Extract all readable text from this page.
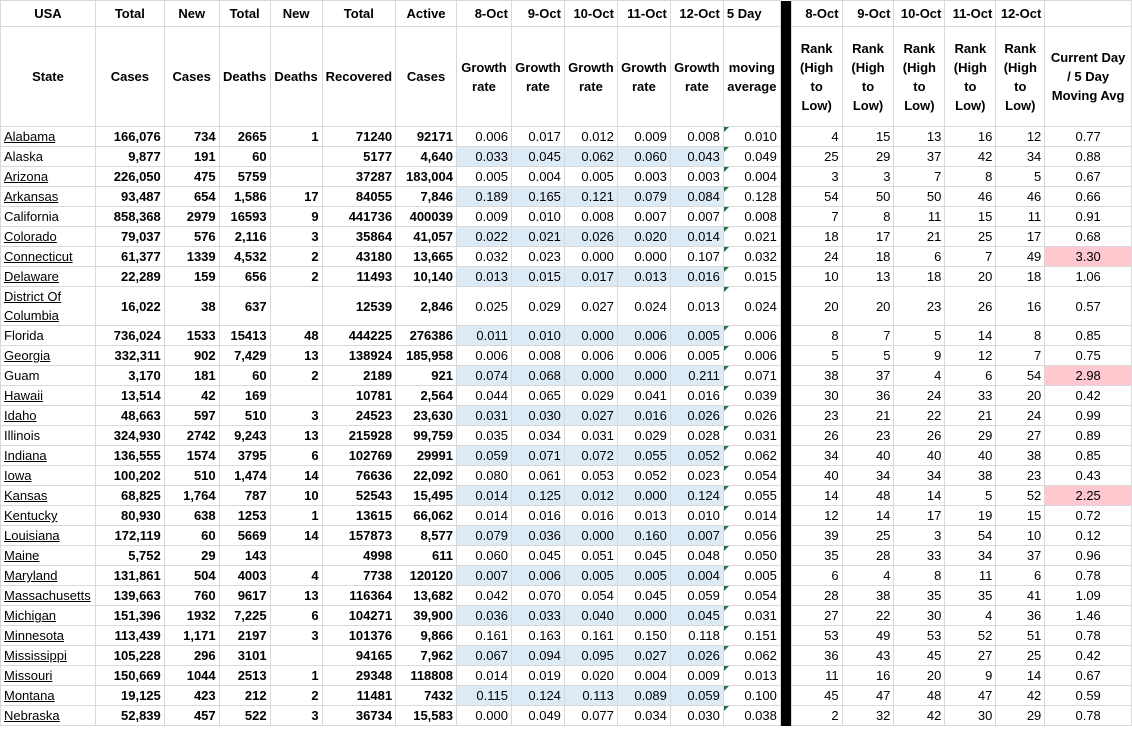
USA	Total	New	Total	New	Total	Active	8-Oct	9-Oct	10-Oct	11-Oct	12-Oct	5 Day		8-Oct	9-Oct	10-Oct	11-Oct	12-Oct	
State	Cases	Cases	Deaths	Deaths	Recovered	Cases	Growth rate	Growth rate	Growth rate	Growth rate	Growth rate	moving average		Rank (High to Low)	Rank (High to Low)	Rank (High to Low)	Rank (High to Low)	Rank (High to Low)	Current Day / 5 Day Moving Avg
Alabama	166,076	734	2665	1	71240	92171	0.006	0.017	0.012	0.009	0.008	0.010		4	15	13	16	12	0.77
Alaska	9,877	191	60		5177	4,640	0.033	0.045	0.062	0.060	0.043	0.049		25	29	37	42	34	0.88
Arizona	226,050	475	5759		37287	183,004	0.005	0.004	0.005	0.003	0.003	0.004		3	3	7	8	5	0.67
Arkansas	93,487	654	1,586	17	84055	7,846	0.189	0.165	0.121	0.079	0.084	0.128		54	50	50	46	46	0.66
California	858,368	2979	16593	9	441736	400039	0.009	0.010	0.008	0.007	0.007	0.008		7	8	11	15	11	0.91
Colorado	79,037	576	2,116	3	35864	41,057	0.022	0.021	0.026	0.020	0.014	0.021		18	17	21	25	17	0.68
Connecticut	61,377	1339	4,532	2	43180	13,665	0.032	0.023	0.000	0.000	0.107	0.032		24	18	6	7	49	3.30
Delaware	22,289	159	656	2	11493	10,140	0.013	0.015	0.017	0.013	0.016	0.015		10	13	18	20	18	1.06
District Of Columbia	16,022	38	637		12539	2,846	0.025	0.029	0.027	0.024	0.013	0.024		20	20	23	26	16	0.57
Florida	736,024	1533	15413	48	444225	276386	0.011	0.010	0.000	0.006	0.005	0.006		8	7	5	14	8	0.85
Georgia	332,311	902	7,429	13	138924	185,958	0.006	0.008	0.006	0.006	0.005	0.006		5	5	9	12	7	0.75
Guam	3,170	181	60	2	2189	921	0.074	0.068	0.000	0.000	0.211	0.071		38	37	4	6	54	2.98
Hawaii	13,514	42	169		10781	2,564	0.044	0.065	0.029	0.041	0.016	0.039		30	36	24	33	20	0.42
Idaho	48,663	597	510	3	24523	23,630	0.031	0.030	0.027	0.016	0.026	0.026		23	21	22	21	24	0.99
Illinois	324,930	2742	9,243	13	215928	99,759	0.035	0.034	0.031	0.029	0.028	0.031		26	23	26	29	27	0.89
Indiana	136,555	1574	3795	6	102769	29991	0.059	0.071	0.072	0.055	0.052	0.062		34	40	40	40	38	0.85
Iowa	100,202	510	1,474	14	76636	22,092	0.080	0.061	0.053	0.052	0.023	0.054		40	34	34	38	23	0.43
Kansas	68,825	1,764	787	10	52543	15,495	0.014	0.125	0.012	0.000	0.124	0.055		14	48	14	5	52	2.25
Kentucky	80,930	638	1253	1	13615	66,062	0.014	0.016	0.016	0.013	0.010	0.014		12	14	17	19	15	0.72
Louisiana	172,119	60	5669	14	157873	8,577	0.079	0.036	0.000	0.160	0.007	0.056		39	25	3	54	10	0.12
Maine	5,752	29	143		4998	611	0.060	0.045	0.051	0.045	0.048	0.050		35	28	33	34	37	0.96
Maryland	131,861	504	4003	4	7738	120120	0.007	0.006	0.005	0.005	0.004	0.005		6	4	8	11	6	0.78
Massachusetts	139,663	760	9617	13	116364	13,682	0.042	0.070	0.054	0.045	0.059	0.054		28	38	35	35	41	1.09
Michigan	151,396	1932	7,225	6	104271	39,900	0.036	0.033	0.040	0.000	0.045	0.031		27	22	30	4	36	1.46
Minnesota	113,439	1,171	2197	3	101376	9,866	0.161	0.163	0.161	0.150	0.118	0.151		53	49	53	52	51	0.78
Mississippi	105,228	296	3101		94165	7,962	0.067	0.094	0.095	0.027	0.026	0.062		36	43	45	27	25	0.42
Missouri	150,669	1044	2513	1	29348	118808	0.014	0.019	0.020	0.004	0.009	0.013		11	16	20	9	14	0.67
Montana	19,125	423	212	2	11481	7432	0.115	0.124	0.113	0.089	0.059	0.100		45	47	48	47	42	0.59
Nebraska	52,839	457	522	3	36734	15,583	0.000	0.049	0.077	0.034	0.030	0.038		2	32	42	30	29	0.78
